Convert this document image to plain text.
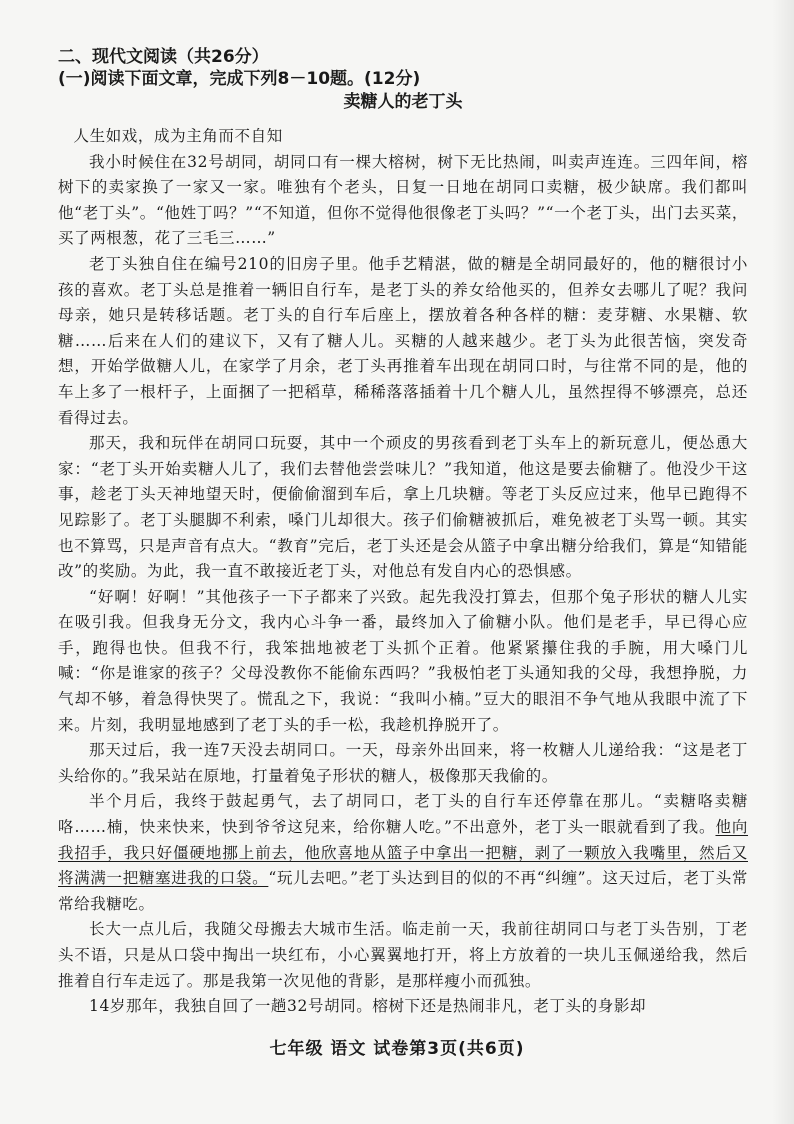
二、现代文阅读（共26分）

(一)阅读下面文章，完成下列8－10题。(12分)

卖糖人的老丁头

人生如戏，成为主角而不自知

我小时候住在32号胡同，胡同口有一棵大榕树，树下无比热闹，叫卖声连连。三四年间，榕树下的卖家换了一家又一家。唯独有个老头，日复一日地在胡同口卖糖，极少缺席。我们都叫他“老丁头”。“他姓丁吗？”“不知道，但你不觉得他很像老丁头吗？”“一个老丁头，出门去买菜，买了两根葱，花了三毛三……”

老丁头独自住在编号210的旧房子里。他手艺精湛，做的糖是全胡同最好的，他的糖很讨小孩的喜欢。老丁头总是推着一辆旧自行车，是老丁头的养女给他买的，但养女去哪儿了呢？我问母亲，她只是转移话题。老丁头的自行车后座上，摆放着各种各样的糖：麦芽糖、水果糖、软糖……后来在人们的建议下，又有了糖人儿。买糖的人越来越少。老丁头为此很苦恼，突发奇想，开始学做糖人儿，在家学了月余，老丁头再推着车出现在胡同口时，与往常不同的是，他的车上多了一根杆子，上面捆了一把稻草，稀稀落落插着十几个糖人儿，虽然捏得不够漂亮，总还看得过去。

那天，我和玩伴在胡同口玩耍，其中一个顽皮的男孩看到老丁头车上的新玩意儿，便怂恿大家：“老丁头开始卖糖人儿了，我们去替他尝尝味儿？”我知道，他这是要去偷糖了。他没少干这事，趁老丁头天神地望天时，便偷偷溜到车后，拿上几块糖。等老丁头反应过来，他早已跑得不见踪影了。老丁头腿脚不利索，嗓门儿却很大。孩子们偷糖被抓后，难免被老丁头骂一顿。其实也不算骂，只是声音有点大。“教育”完后，老丁头还是会从篮子中拿出糖分给我们，算是“知错能改”的奖励。为此，我一直不敢接近老丁头，对他总有发自内心的恐惧感。

“好啊！好啊！”其他孩子一下子都来了兴致。起先我没打算去，但那个兔子形状的糖人儿实在吸引我。但我身无分文，我内心斗争一番，最终加入了偷糖小队。他们是老手，早已得心应手，跑得也快。但我不行，我笨拙地被老丁头抓个正着。他紧紧攥住我的手腕，用大嗓门儿喊：“你是谁家的孩子？父母没教你不能偷东西吗？”我极怕老丁头通知我的父母，我想挣脱，力气却不够，着急得快哭了。慌乱之下，我说：“我叫小楠。”豆大的眼泪不争气地从我眼中流了下来。片刻，我明显地感到了老丁头的手一松，我趁机挣脱开了。

那天过后，我一连7天没去胡同口。一天，母亲外出回来，将一枚糖人儿递给我：“这是老丁头给你的。”我呆站在原地，打量着兔子形状的糖人，极像那天我偷的。

半个月后，我终于鼓起勇气，去了胡同口，老丁头的自行车还停靠在那儿。“卖糖咯卖糖咯……楠，快来快来，快到爷爷这兒来，给你糖人吃。”不出意外，老丁头一眼就看到了我。他向我招手，我只好僵硬地挪上前去，他欣喜地从篮子中拿出一把糖，剥了一颗放入我嘴里，然后又将满满一把糖塞进我的口袋。“玩儿去吧。”老丁头达到目的似的不再“纠缠”。这天过后，老丁头常常给我糖吃。

长大一点儿后，我随父母搬去大城市生活。临走前一天，我前往胡同口与老丁头告别，丁老头不语，只是从口袋中掏出一块红布，小心翼翼地打开，将上方放着的一块儿玉佩递给我，然后推着自行车走远了。那是我第一次见他的背影，是那样瘦小而孤独。

14岁那年，我独自回了一趟32号胡同。榕树下还是热闹非凡，老丁头的身影却

七年级 语文 试卷第3页(共6页)
